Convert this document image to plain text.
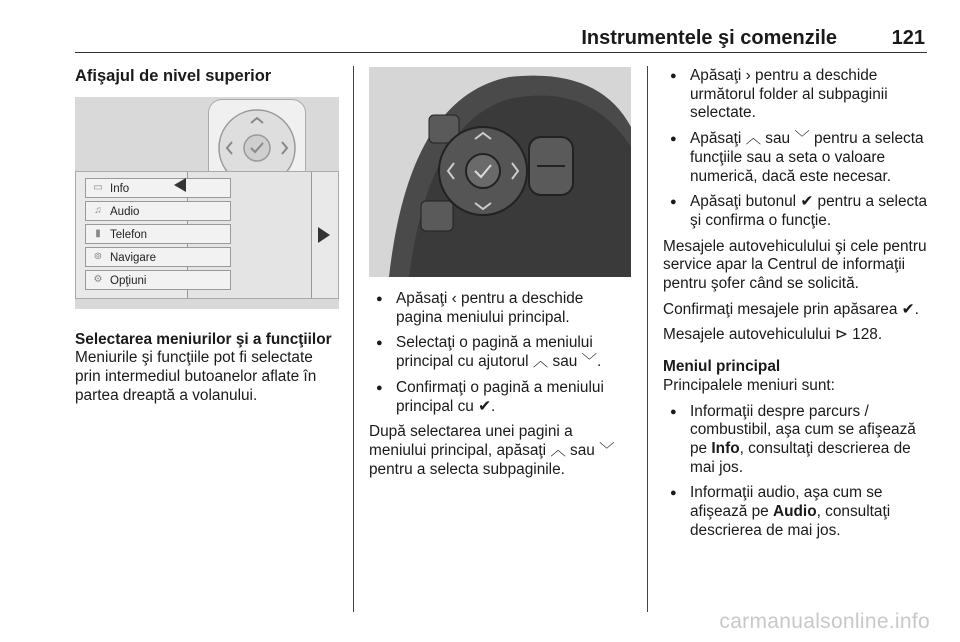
Instrumentele şi comenzile	121
Afişajul de nivel superior
▭ Info
♫ Audio
▮ Telefon
⊚ Navigare
⚙ Opţiuni
Selectarea meniurilor şi a funcţiilor

Meniurile şi funcţiile pot fi selectate prin intermediul butoanelor aflate în partea dreaptă a volanului.

● Apăsaţi ‹ pentru a deschide pagina meniului principal.
● Selectaţi o pagină a meniului principal cu ajutorul ︿ sau ﹀.
● Confirmaţi o pagină a meniului principal cu ✔.

După selectarea unei pagini a meniului principal, apăsaţi ︿ sau ﹀ pentru a selecta subpaginile.

● Apăsaţi › pentru a deschide următorul folder al subpaginii selectate.
● Apăsaţi ︿ sau ﹀ pentru a selecta funcţiile sau a seta o valoare numerică, dacă este necesar.
● Apăsaţi butonul ✔ pentru a selecta şi confirma o funcţie.

Mesajele autovehiculului şi cele pentru service apar la Centrul de informaţii pentru şofer când se solicită.

Confirmaţi mesajele prin apăsarea ✔.

Mesajele autovehiculului ⊳ 128.

Meniul principal

Principalele meniuri sunt:

● Informaţii despre parcurs / combustibil, aşa cum se afişează pe Info, consultaţi descrierea de mai jos.
● Informaţii audio, aşa cum se afişează pe Audio, consultaţi descrierea de mai jos.
carmanualsonline.info
